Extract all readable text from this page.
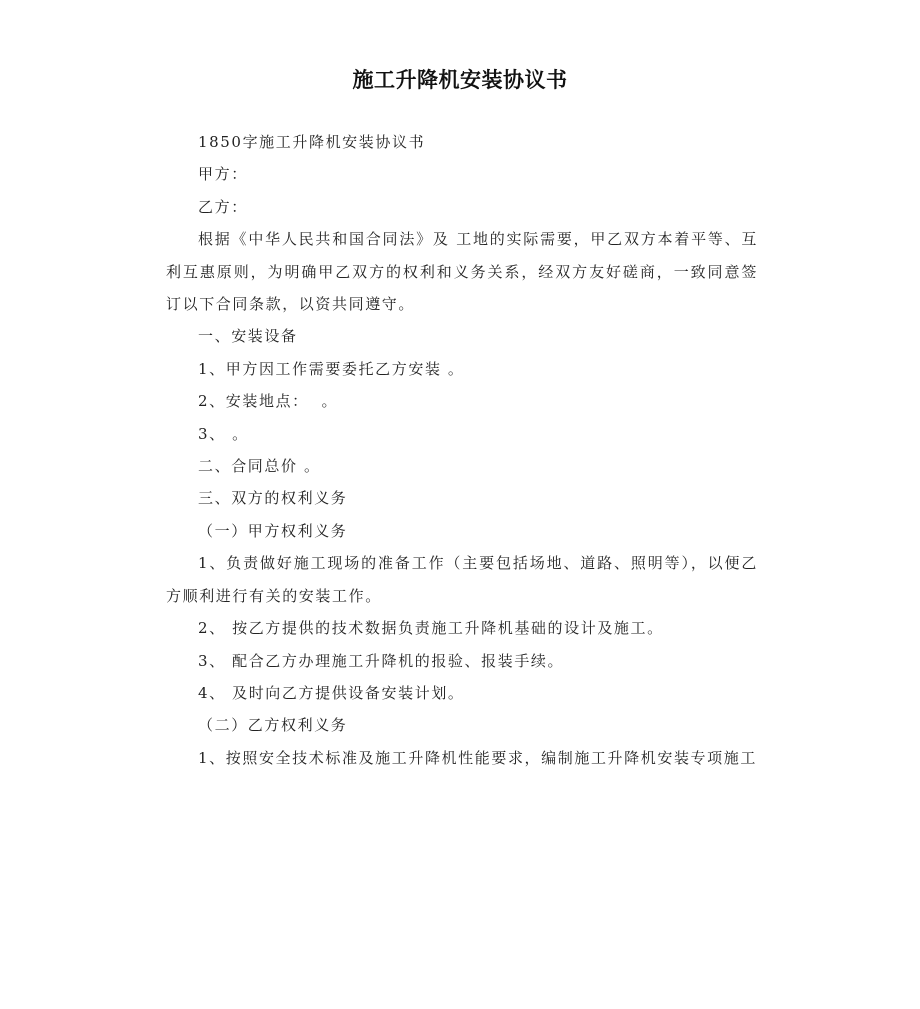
施工升降机安装协议书

1850字施工升降机安装协议书

甲方：

乙方：

根据《中华人民共和国合同法》及 工地的实际需要，甲乙双方本着平等、互利互惠原则，为明确甲乙双方的权利和义务关系，经双方友好磋商，一致同意签订以下合同条款，以资共同遵守。

一、安装设备

1、甲方因工作需要委托乙方安装 。

2、安装地点：  。

3、 。

二、合同总价 。

三、双方的权利义务

（一）甲方权利义务

1、负责做好施工现场的准备工作（主要包括场地、道路、照明等），以便乙方顺利进行有关的安装工作。

2、 按乙方提供的技术数据负责施工升降机基础的设计及施工。

3、 配合乙方办理施工升降机的报验、报装手续。

4、 及时向乙方提供设备安装计划。

（二）乙方权利义务

1、按照安全技术标准及施工升降机性能要求，编制施工升降机安装专项施工
